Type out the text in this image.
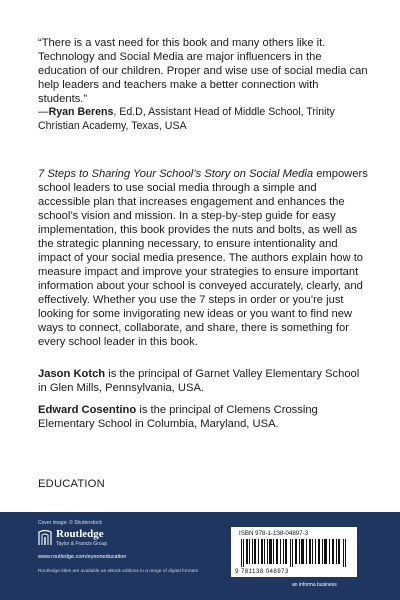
“There is a vast need for this book and many others like it. Technology and Social Media are major influencers in the education of our children. Proper and wise use of social media can help leaders and teachers make a better connection with students.”

—Ryan Berens, Ed.D, Assistant Head of Middle School, Trinity Christian Academy, Texas, USA

7 Steps to Sharing Your School’s Story on Social Media empowers school leaders to use social media through a simple and accessible plan that increases engagement and enhances the school’s vision and mission. In a step-by-step guide for easy implementation, this book provides the nuts and bolts, as well as the strategic planning necessary, to ensure intentionality and impact of your social media presence. The authors explain how to measure impact and improve your strategies to ensure important information about your school is conveyed accurately, clearly, and effectively. Whether you use the 7 steps in order or you’re just looking for some invigorating new ideas or you want to find new ways to connect, collaborate, and share, there is something for every school leader in this book.

Jason Kotch is the principal of Garnet Valley Elementary School in Glen Mills, Pennsylvania, USA.

Edward Cosentino is the principal of Clemens Crossing Elementary School in Columbia, Maryland, USA.

EDUCATION
Cover image: © Shutterstock
Routledge
Taylor & Francis Group
www.routledge.com/eyeoneducation
Routledge titles are available as eBook editions in a range of digital formats
ISBN 978-1-138-04897-3
9 781138 048973
an informa business
